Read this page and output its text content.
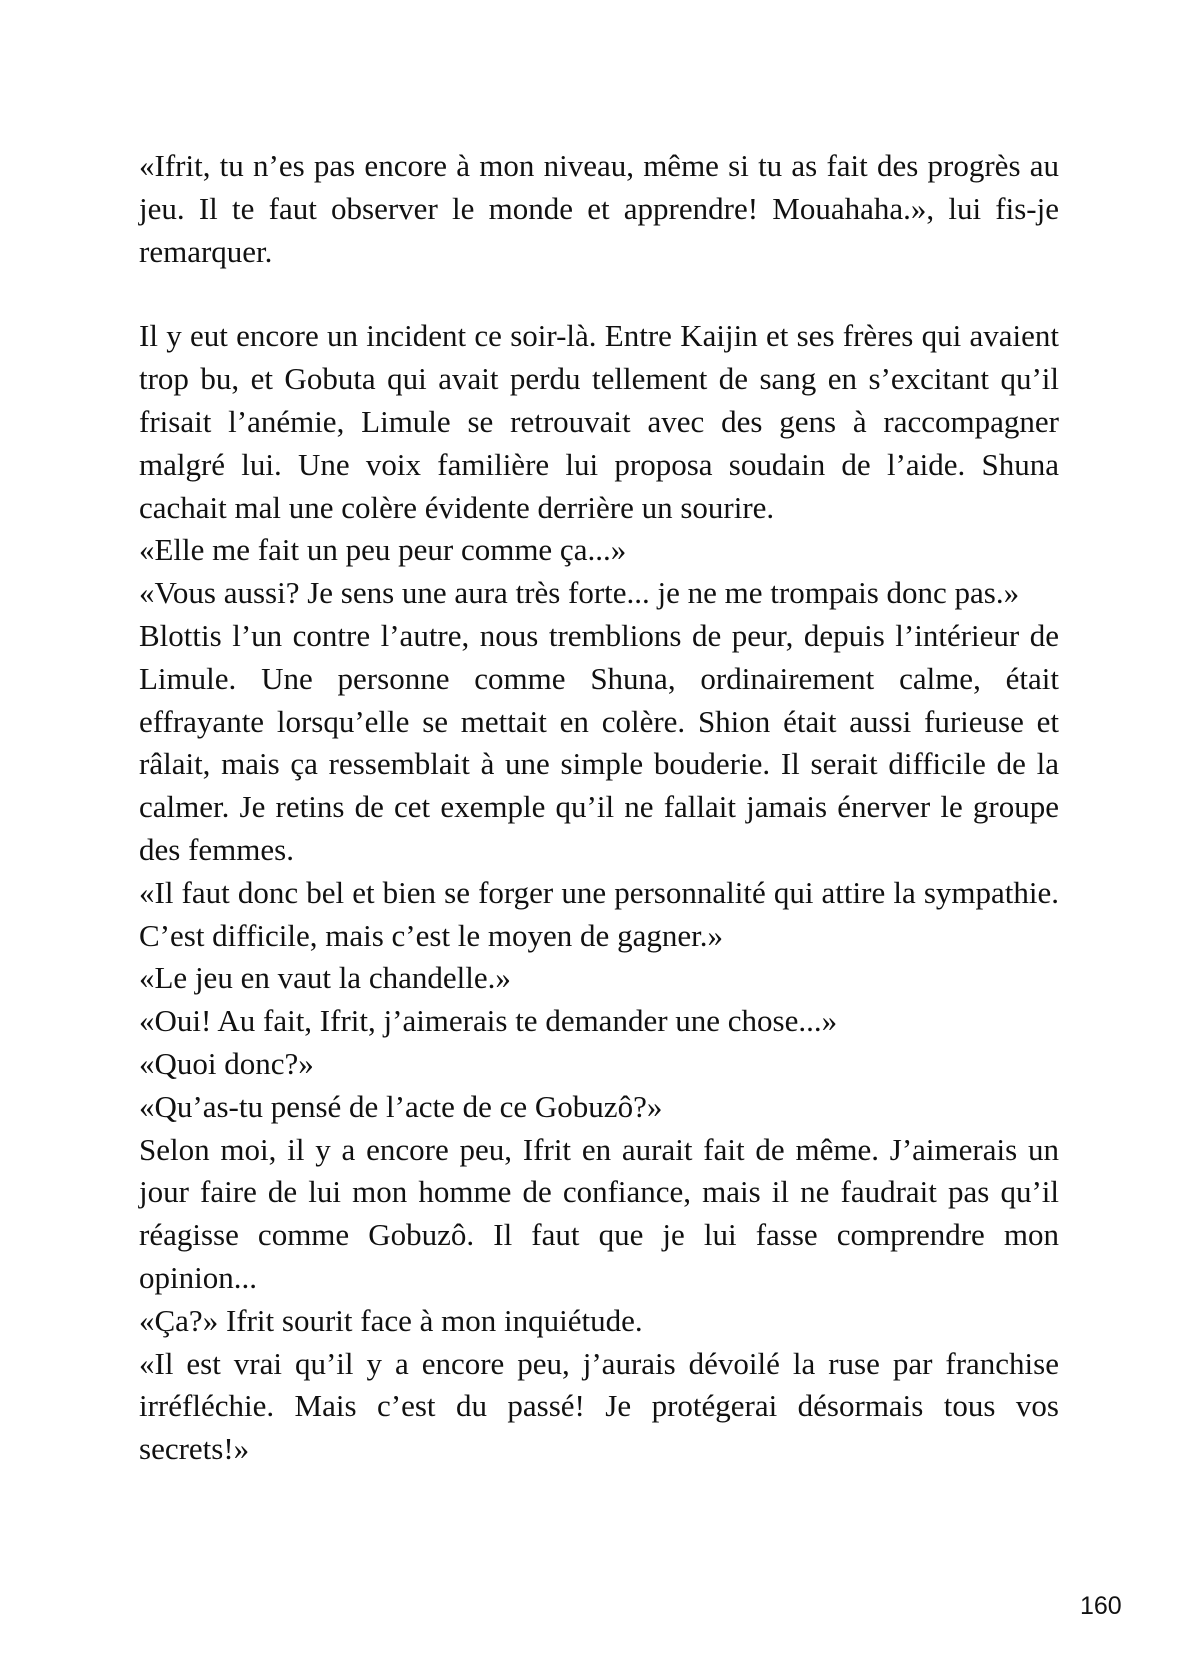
«Ifrit, tu n’es pas encore à mon niveau, même si tu as fait des progrès au jeu. Il te faut observer le monde et apprendre! Mouahaha.», lui fis-je remarquer.

Il y eut encore un incident ce soir-là. Entre Kaijin et ses frères qui avaient trop bu, et Gobuta qui avait perdu tellement de sang en s’excitant qu’il frisait l’anémie, Limule se retrouvait avec des gens à raccompagner malgré lui. Une voix familière lui proposa soudain de l’aide. Shuna cachait mal une colère évidente derrière un sourire.

«Elle me fait un peu peur comme ça...»

«Vous aussi? Je sens une aura très forte... je ne me trompais donc pas.»

Blottis l’un contre l’autre, nous tremblions de peur, depuis l’intérieur de Limule. Une personne comme Shuna, ordinairement calme, était effrayante lorsqu’elle se mettait en colère. Shion était aussi furieuse et râlait, mais ça ressemblait à une simple bouderie. Il serait difficile de la calmer. Je retins de cet exemple qu’il ne fallait jamais énerver le groupe des femmes.

«Il faut donc bel et bien se forger une personnalité qui attire la sympathie. C’est difficile, mais c’est le moyen de gagner.»

«Le jeu en vaut la chandelle.»

«Oui! Au fait, Ifrit, j’aimerais te demander une chose...»

«Quoi donc?»

«Qu’as-tu pensé de l’acte de ce Gobuzô?»

Selon moi, il y a encore peu, Ifrit en aurait fait de même. J’aimerais un jour faire de lui mon homme de confiance, mais il ne faudrait pas qu’il réagisse comme Gobuzô. Il faut que je lui fasse comprendre mon opinion...

«Ça?» Ifrit sourit face à mon inquiétude.

«Il est vrai qu’il y a encore peu, j’aurais dévoilé la ruse par franchise irréfléchie. Mais c’est du passé! Je protégerai désormais tous vos secrets!»

160
